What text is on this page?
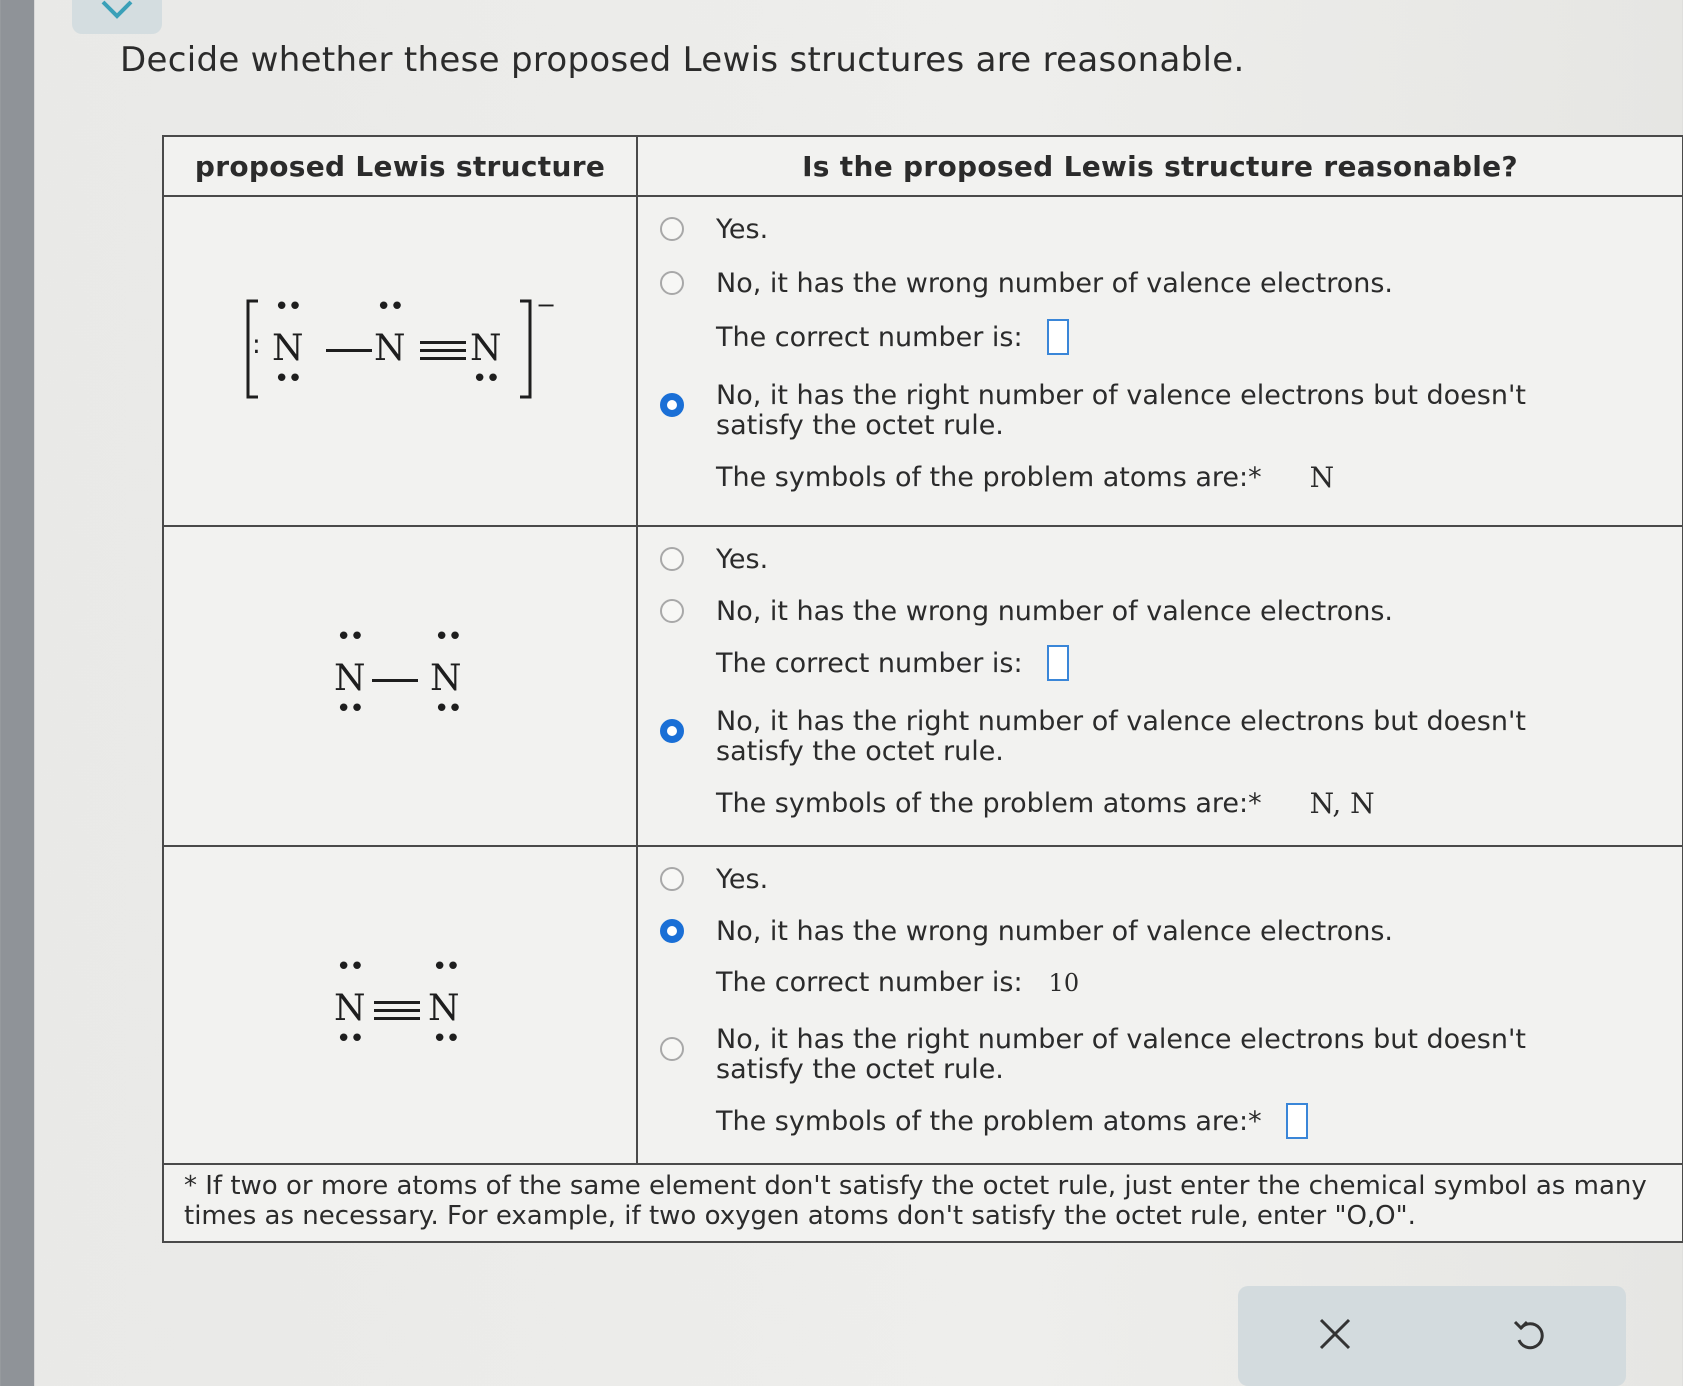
Decide whether these proposed Lewis structures are reasonable.
proposed Lewis structure	Is the proposed Lewis structure reasonable?
:
••
N
••
••
N N
••
−
Yes.
No, it has the wrong number of valence electrons.
The correct number is:
No, it has the right number of valence electrons but doesn't satisfy the octet rule.
The symbols of the problem atoms are:* N
••
N
••
••
N
••
Yes.
No, it has the wrong number of valence electrons.
The correct number is:
No, it has the right number of valence electrons but doesn't satisfy the octet rule.
The symbols of the problem atoms are:* N, N
••
N
••
••
N
••
Yes.
No, it has the wrong number of valence electrons.
The correct number is: 10
No, it has the right number of valence electrons but doesn't satisfy the octet rule.
The symbols of the problem atoms are:*
* If two or more atoms of the same element don't satisfy the octet rule, just enter the chemical symbol as many times as necessary. For example, if two oxygen atoms don't satisfy the octet rule, enter "O,O".
